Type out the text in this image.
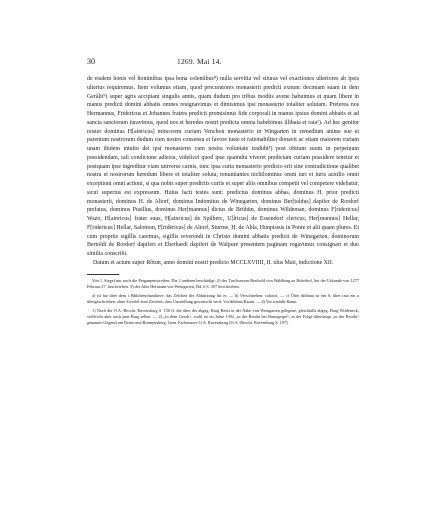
30	1269. Mai 14.

de eisdem bonis vel hominibus ipsa bona colentibus⁸) nulla servitia vel stiuras vel exactiones ulteriores ab ipsis ulterius requiremus. Item volumus etiam, quod procuratores monasterii predicti exnunc decimam suam in dem Gerâlit⁹) super agris accipiant singulis annis, quam dudum pro tribus modiis avene habuimus et quam libere in manus predicti domini abbatis omnes resignavimus et dimisimus ipsi monasterio totaliter solutam. Preterea nos Hermannus, Fridericus et Johannes fratres predicti promisimus fide corporali in manus ipsius domini abbatis et ad sancta sanctorum iuravimus, quod nos et heredes nostri predicta omnia habebimus illibata et rata¹). Ad hec genitor noster dominus H[ainricus] mincorem curiam Venchon monasterio in Wingarten in remedium anime sue et parentum nostrorum dudum cum nostro consensu et favore iuste et rationabiliter donavit ac etiam maiorem curiam unam ibidem intuitu dei ipsi monasterio cum nostra voluntate tradidit¹) post obitum suum in perpetuum possidendam, tali condicione adiecta, videlicet quod ipse quamdiu viveret predictam curiam possidere tenetur et postquam ipse ingreditur viam universe carnis, tunc ipsa curia monasterio predicto erit sine contradictione qualibet nostra et nostrorum heredum libere et totaliter soluta, renuntiantes nichilominus omni iuri et iuris auxilio omni exceptioni omni actioni, si qua nobis super predictis curiis et super aliis omnibus competit vel competere videbatur, sicut superius est expressum. Huius facti testes sunt: predictus dominus abbas, dominus H. prior predicti monasterii, dominus H. de Altorf, dominus Indomitus de Winegarten, dominus Ber[toldus] dapifer de Rordorf prefatus, dominus Pusillus, dominus Her[mannus] dictus de Brühün, dominus Wildeman, dominus F[ridericus] Wazo, H[ainricus] frater suus, H[ainricus] de Spilberc, U[lricus] de Essendorf clericus, Her[mannus] Hellar, F[ridericus] Hellar, Salomon, F[ridericus] de Altorf, Sturme, H. de Abla, Hunpissus in Ponte et alii quam plures. Et cum propriis sigillis caremus, sigillis reverendi in Christo domini abbatis predicti de Winegarten, dominorum Bertoldi de Rordorf dapiferi et Eberhardi dapiferi de Walpure presentem paginam rogavimus consignari et duo similia conscribi.

Datum et actum super Rôtun, anno domini nostri predicto MCCLXVIIII, II. idus Maii, indictione XII.

Von 1. Siegel nur noch die Pergamentstreifen. Die 2 anderen beschädigt: 2) des Truchsessen Berthold von Waldburg zu Rohrdorf, bei der Urkunde von 1277 Februar 27. beschrieben. 3) des Abts Hermann von Weingarten, Bd. 6 S. 397 beschrieben.

a) ist hat über dem t Häkchencharaktere: das Zeichen der Abkürzung für er. — b) Verschrieben: colonis. — c) Über dibbata ist ein S, über rata ein a übergeschrieben, ohne Zweifel zum Zeichen, dass Umstellung gewünscht wird. Vor dibbata Raum. — d) Vor tradidit Raum.

1) Nach der O.A.-Beschr. Ravensburg S. 158 ff. die über der abgeg. Burg Reuti in der Nähe von Weingarten gelegene, gleichfalls abgeg. Burg Wildeneck; vielleicht aber auch jene Burg selbst. — 2) „in dem Gerolt“, wohl ist im Jahre 1392 „in der Reuthi bei Rinnigerpe“, in der Folge überhaupt „in der Reuthi“ genannte Gegend um Reute und Rimmersberg, Gem. Eschenaere O.A. Ravensburg (O.A.-Beschr. Ravensburg S. 197).
